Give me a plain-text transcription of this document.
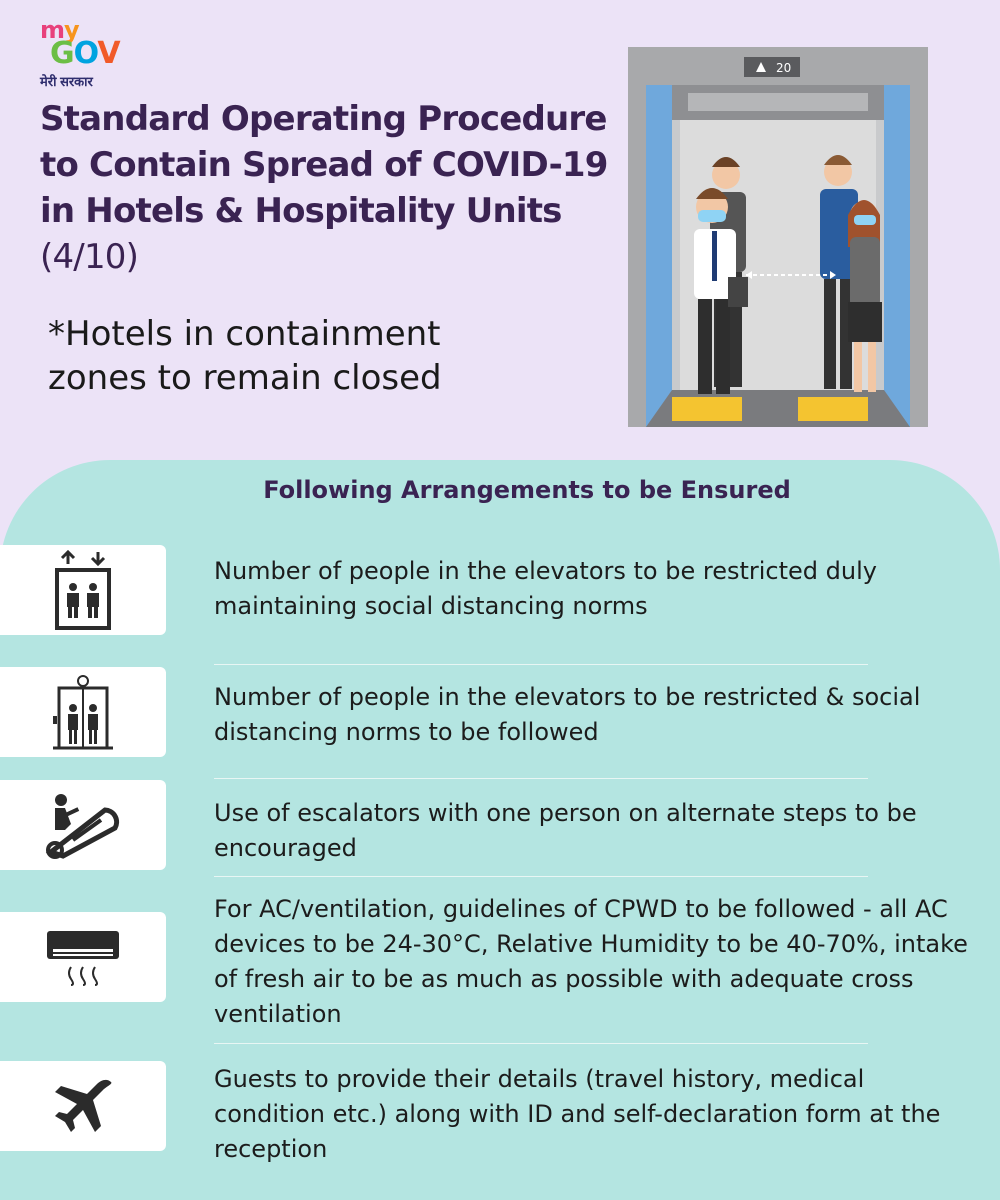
my
GOV
मेरी सरकार
Standard Operating Procedure to Contain Spread of COVID-19 in Hotels & Hospitality Units (4/10)

*Hotels in containment zones to remain closed

20
Following Arrangements to be Ensured

Number of people in the elevators to be restricted duly maintaining social distancing norms

Number of people in the elevators to be restricted & social distancing norms to be followed

Use of escalators with one person on alternate steps to be encouraged

For AC/ventilation, guidelines of CPWD to be followed - all AC devices to be 24-30°C, Relative Humidity to be 40-70%, intake of fresh air to be as much as possible with adequate cross ventilation

Guests to provide their details (travel history, medical condition etc.) along with ID and self-declaration form at the reception
